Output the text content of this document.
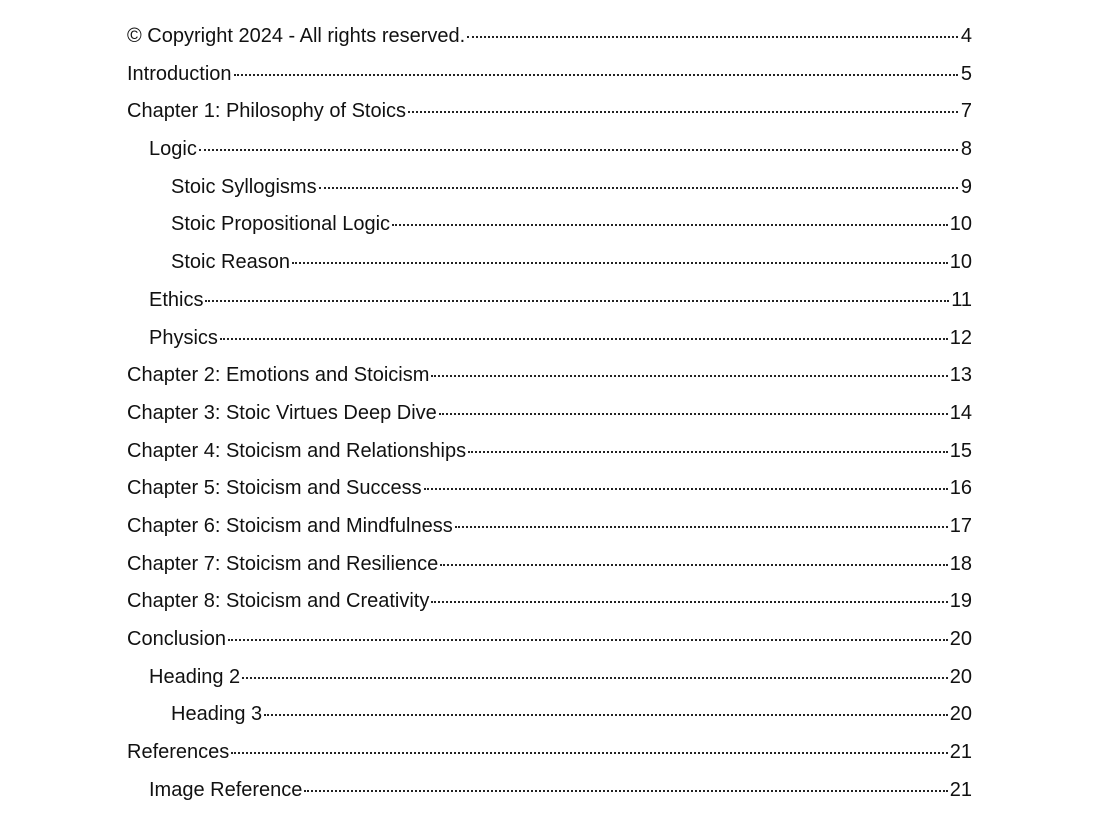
© Copyright 2024 - All rights reserved.	4
Introduction	5
Chapter 1: Philosophy of Stoics	7
Logic	8
Stoic Syllogisms	9
Stoic Propositional Logic	10
Stoic Reason	10
Ethics	11
Physics	12
Chapter 2: Emotions and Stoicism	13
Chapter 3: Stoic Virtues Deep Dive	14
Chapter 4: Stoicism and Relationships	15
Chapter 5: Stoicism and Success	16
Chapter 6: Stoicism and Mindfulness	17
Chapter 7: Stoicism and Resilience	18
Chapter 8: Stoicism and Creativity	19
Conclusion	20
Heading 2	20
Heading 3	20
References	21
Image Reference	21
